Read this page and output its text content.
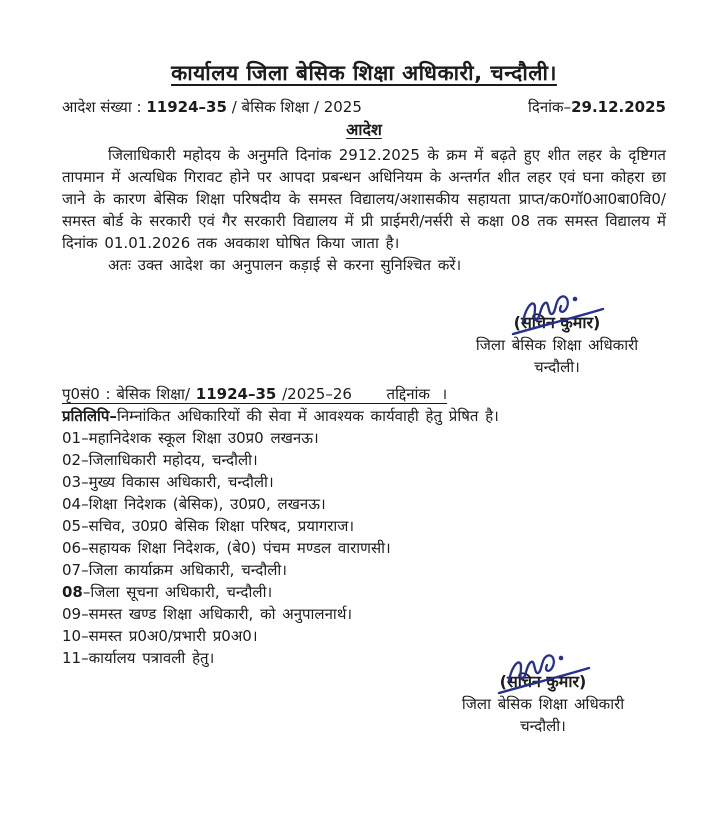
कार्यालय जिला बेसिक शिक्षा अधिकारी, चन्दौली।
आदेश संख्या : 11924–35 / बेसिक शिक्षा / 2025	दिनांक–29.12.2025
आदेश

जिलाधिकारी महोदय के अनुमति दिनांक 2912.2025 के क्रम में बढ़ते हुए शीत लहर के दृष्टिगत तापमान में अत्यधिक गिरावट होने पर आपदा प्रबन्धन अधिनियम के अन्तर्गत शीत लहर एवं घना कोहरा छा जाने के कारण बेसिक शिक्षा परिषदीय के समस्त विद्यालय/अशासकीय सहायता प्राप्त/क0गॉ0आ0बा0वि0/समस्त बोर्ड के सरकारी एवं गैर सरकारी विद्यालय में प्री प्राईमरी/नर्सरी से कक्षा 08 तक समस्त विद्यालय में दिनांक 01.01.2026 तक अवकाश घोषित किया जाता है।

अतः उक्त आदेश का अनुपालन कड़ाई से करना सुनिश्चित करें।

(सचिन कुमार)
जिला बेसिक शिक्षा अधिकारी
चन्दौली।
पृ0सं0 : बेसिक शिक्षा/ 11924–35 /2025–26      तद्दिनांक  ।
प्रतिलिपि–निम्नांकित अधिकारियों की सेवा में आवश्यक कार्यवाही हेतु प्रेषित है।
01–महानिदेशक स्कूल शिक्षा उ0प्र0 लखनऊ।
02–जिलाधिकारी महोदय, चन्दौली।
03–मुख्य विकास अधिकारी, चन्दौली।
04–शिक्षा निदेशक (बेसिक), उ0प्र0, लखनऊ।
05–सचिव, उ0प्र0 बेसिक शिक्षा परिषद, प्रयागराज।
06–सहायक शिक्षा निदेशक, (बे0) पंचम मण्डल वाराणसी।
07–जिला कार्याक्रम अधिकारी, चन्दौली।
08–जिला सूचना अधिकारी, चन्दौली।
09–समस्त खण्ड शिक्षा अधिकारी, को अनुपालनार्थ।
10–समस्त प्र0अ0/प्रभारी प्र0अ0।
11–कार्यालय पत्रावली हेतु।
(सचिन कुमार)
जिला बेसिक शिक्षा अधिकारी
चन्दौली।
